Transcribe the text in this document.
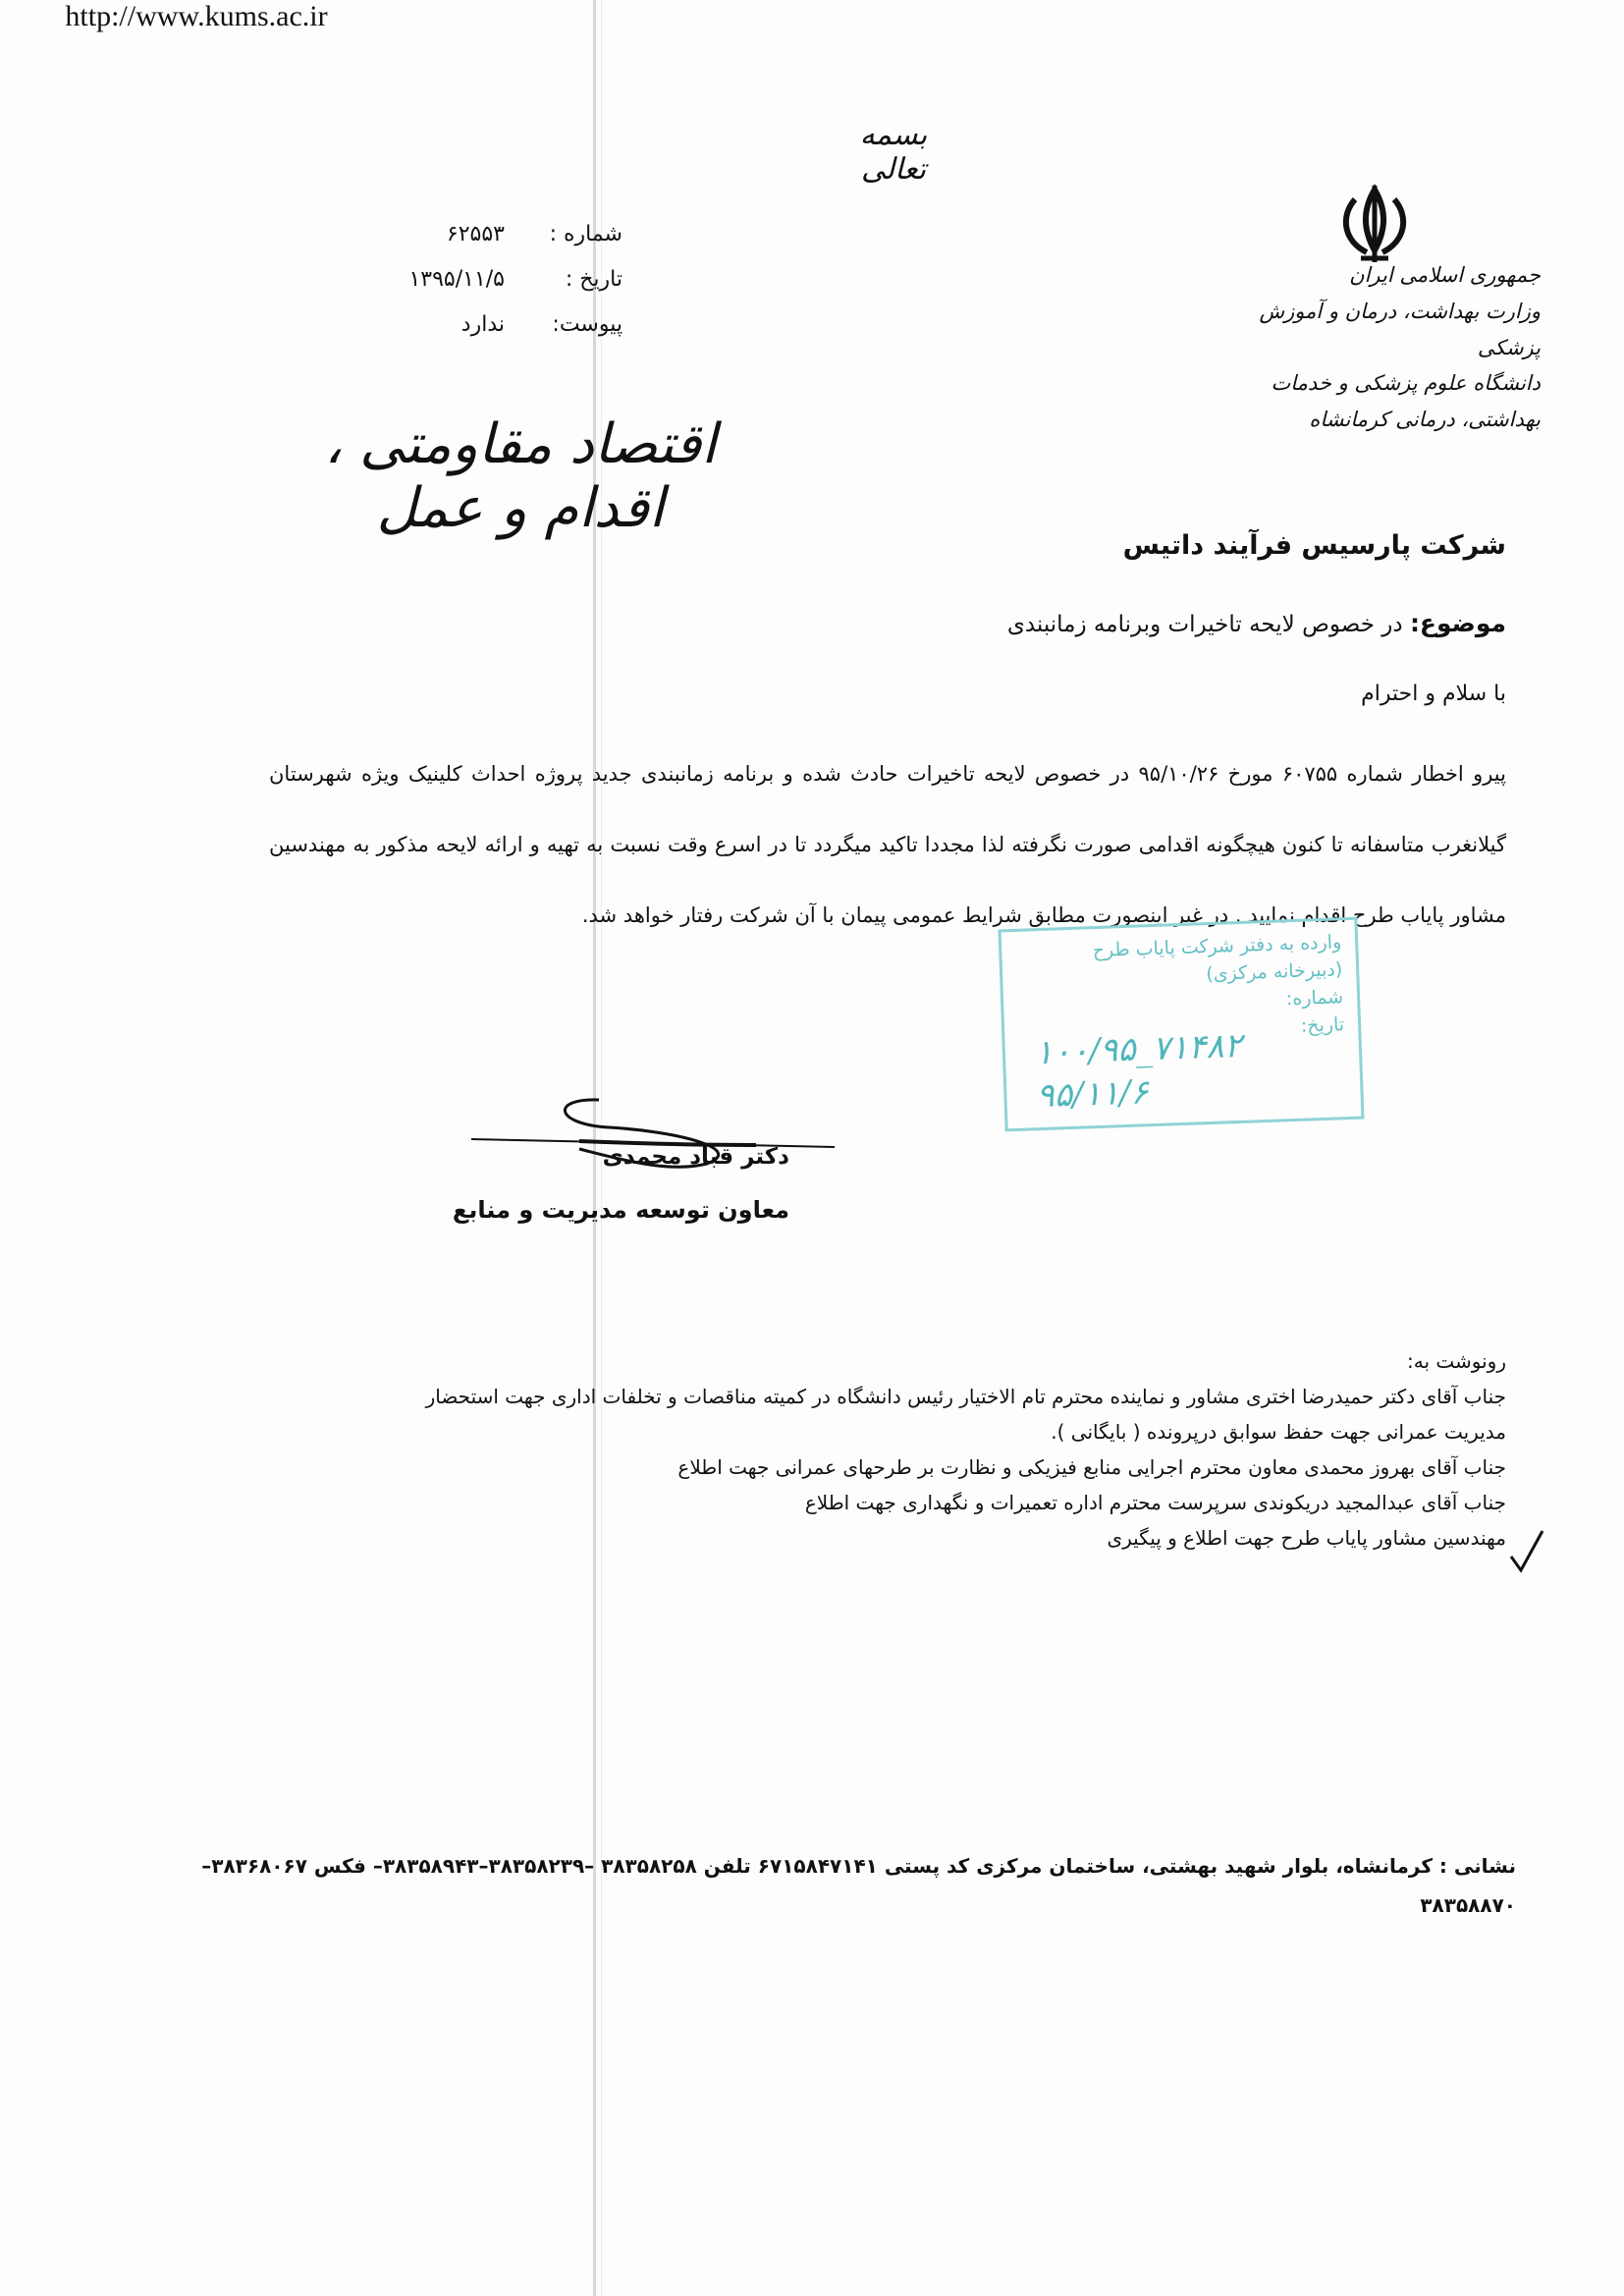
بسمه تعالی
جمهوری اسلامی ایران
وزارت بهداشت، درمان و آموزش پزشکی
دانشگاه علوم پزشکی و خدمات بهداشتی، درمانی کرمانشاه
شماره :
۶۲۵۵۳
تاریخ :
۱۳۹۵/۱۱/۵
پیوست:
ندارد
اقتصاد مقاومتی ، اقدام و عمل
شرکت پارسیس فرآیند داتیس
موضوع: در خصوص لایحه تاخیرات وبرنامه زمانبندی
با سلام و احترام
پیرو اخطار شماره ۶۰۷۵۵ مورخ ۹۵/۱۰/۲۶ در خصوص لایحه تاخیرات حادث شده و برنامه زمانبندی جدید پروژه احداث کلینیک ویژه شهرستان گیلانغرب متاسفانه تا کنون هیچگونه اقدامی صورت نگرفته لذا مجددا تاکید میگردد تا در اسرع وقت نسبت به تهیه و ارائه لایحه مذکور به مهندسین مشاور پایاب طرح اقدام نمایید . در غیر اینصورت مطابق شرایط عمومی پیمان با آن شرکت رفتار خواهد شد.
وارده به دفتر شرکت پایاب طرح
(دبیرخانه مرکزی)
شماره:
تاریخ:
۱۰۰/۹۵_۷۱۴۸۲
۹۵/۱۱/۶
دکتر قباد محمدی
معاون توسعه مدیریت و منابع
رونوشت به:
جناب آقای دکتر حمیدرضا اختری مشاور و نماینده محترم تام الاختیار رئیس دانشگاه در کمیته مناقصات و تخلفات اداری جهت استحضار
مدیریت عمرانی جهت حفظ سوابق درپرونده ( بایگانی ).
جناب آقای بهروز محمدی معاون محترم اجرایی منابع فیزیکی و نظارت بر طرحهای عمرانی جهت اطلاع
جناب آقای عبدالمجید دریکوندی سرپرست محترم اداره تعمیرات و نگهداری جهت اطلاع
مهندسین مشاور پایاب طرح جهت اطلاع و پیگیری
نشانی : کرمانشاه، بلوار شهید بهشتی، ساختمان مرکزی کد پستی ۶۷۱۵۸۴۷۱۴۱ تلفن ۳۸۳۵۸۲۵۸ –۳۸۳۵۸۲۳۹–۳۸۳۵۸۹۴۳– فکس ۳۸۳۶۸۰۶۷–
۳۸۳۵۸۸۷۰
http://www.kums.ac.ir
